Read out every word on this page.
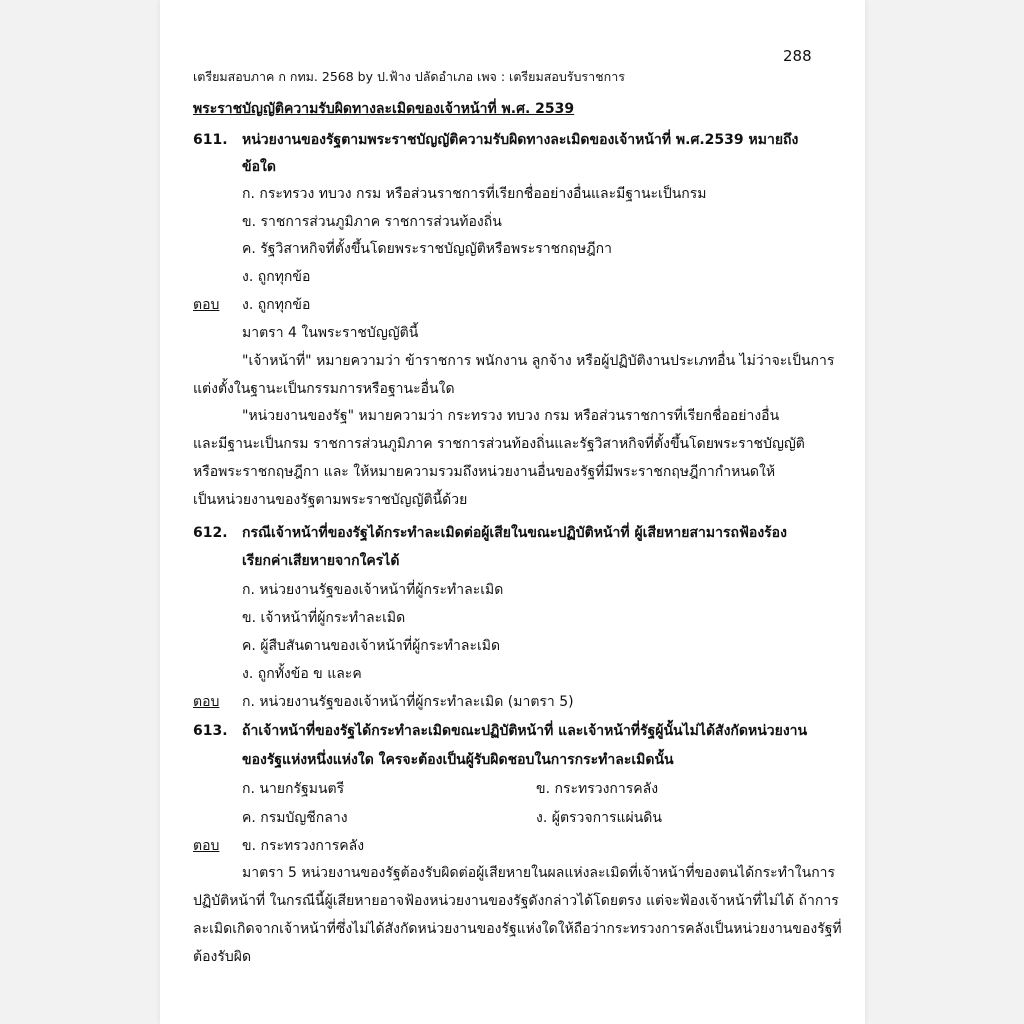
288
เตรียมสอบภาค ก กทม. 2568 by ป.ฟ้าง ปลัดอำเภอ เพจ : เตรียมสอบรับราชการ
พระราชบัญญัติความรับผิดทางละเมิดของเจ้าหน้าที่ พ.ศ. 2539
611. หน่วยงานของรัฐตามพระราชบัญญัติความรับผิดทางละเมิดของเจ้าหน้าที่ พ.ศ.2539 หมายถึง
ข้อใด
ก. กระทรวง ทบวง กรม หรือส่วนราชการที่เรียกชื่ออย่างอื่นและมีฐานะเป็นกรม
ข. ราชการส่วนภูมิภาค ราชการส่วนท้องถิ่น
ค. รัฐวิสาหกิจที่ตั้งขึ้นโดยพระราชบัญญัติหรือพระราชกฤษฎีกา
ง. ถูกทุกข้อ
ตอบ ง. ถูกทุกข้อ
มาตรา 4 ในพระราชบัญญัตินี้
"เจ้าหน้าที่" หมายความว่า ข้าราชการ พนักงาน ลูกจ้าง หรือผู้ปฏิบัติงานประเภทอื่น ไม่ว่าจะเป็นการ
แต่งตั้งในฐานะเป็นกรรมการหรือฐานะอื่นใด
"หน่วยงานของรัฐ" หมายความว่า กระทรวง ทบวง กรม หรือส่วนราชการที่เรียกชื่ออย่างอื่น
และมีฐานะเป็นกรม ราชการส่วนภูมิภาค ราชการส่วนท้องถิ่นและรัฐวิสาหกิจที่ตั้งขึ้นโดยพระราชบัญญัติ
หรือพระราชกฤษฎีกา และ ให้หมายความรวมถึงหน่วยงานอื่นของรัฐที่มีพระราชกฤษฎีกากำหนดให้
เป็นหน่วยงานของรัฐตามพระราชบัญญัตินี้ด้วย
612. กรณีเจ้าหน้าที่ของรัฐได้กระทำละเมิดต่อผู้เสียในขณะปฏิบัติหน้าที่ ผู้เสียหายสามารถฟ้องร้อง
เรียกค่าเสียหายจากใครได้
ก. หน่วยงานรัฐของเจ้าหน้าที่ผู้กระทำละเมิด
ข. เจ้าหน้าที่ผู้กระทำละเมิด
ค. ผู้สืบสันดานของเจ้าหน้าที่ผู้กระทำละเมิด
ง. ถูกทั้งข้อ ข และค
ตอบ ก. หน่วยงานรัฐของเจ้าหน้าที่ผู้กระทำละเมิด (มาตรา 5)
613. ถ้าเจ้าหน้าที่ของรัฐได้กระทำละเมิดขณะปฏิบัติหน้าที่ และเจ้าหน้าที่รัฐผู้นั้นไม่ได้สังกัดหน่วยงาน
ของรัฐแห่งหนึ่งแห่งใด ใครจะต้องเป็นผู้รับผิดชอบในการกระทำละเมิดนั้น
ก. นายกรัฐมนตรี	ข. กระทรวงการคลัง
ค. กรมบัญชีกลาง	ง. ผู้ตรวจการแผ่นดิน
ตอบ ข. กระทรวงการคลัง
มาตรา 5 หน่วยงานของรัฐต้องรับผิดต่อผู้เสียหายในผลแห่งละเมิดที่เจ้าหน้าที่ของตนได้กระทำในการ
ปฏิบัติหน้าที่ ในกรณีนี้ผู้เสียหายอาจฟ้องหน่วยงานของรัฐดังกล่าวได้โดยตรง แต่จะฟ้องเจ้าหน้าที่ไม่ได้ ถ้าการ
ละเมิดเกิดจากเจ้าหน้าที่ซึ่งไม่ได้สังกัดหน่วยงานของรัฐแห่งใดให้ถือว่ากระทรวงการคลังเป็นหน่วยงานของรัฐที่
ต้องรับผิด
